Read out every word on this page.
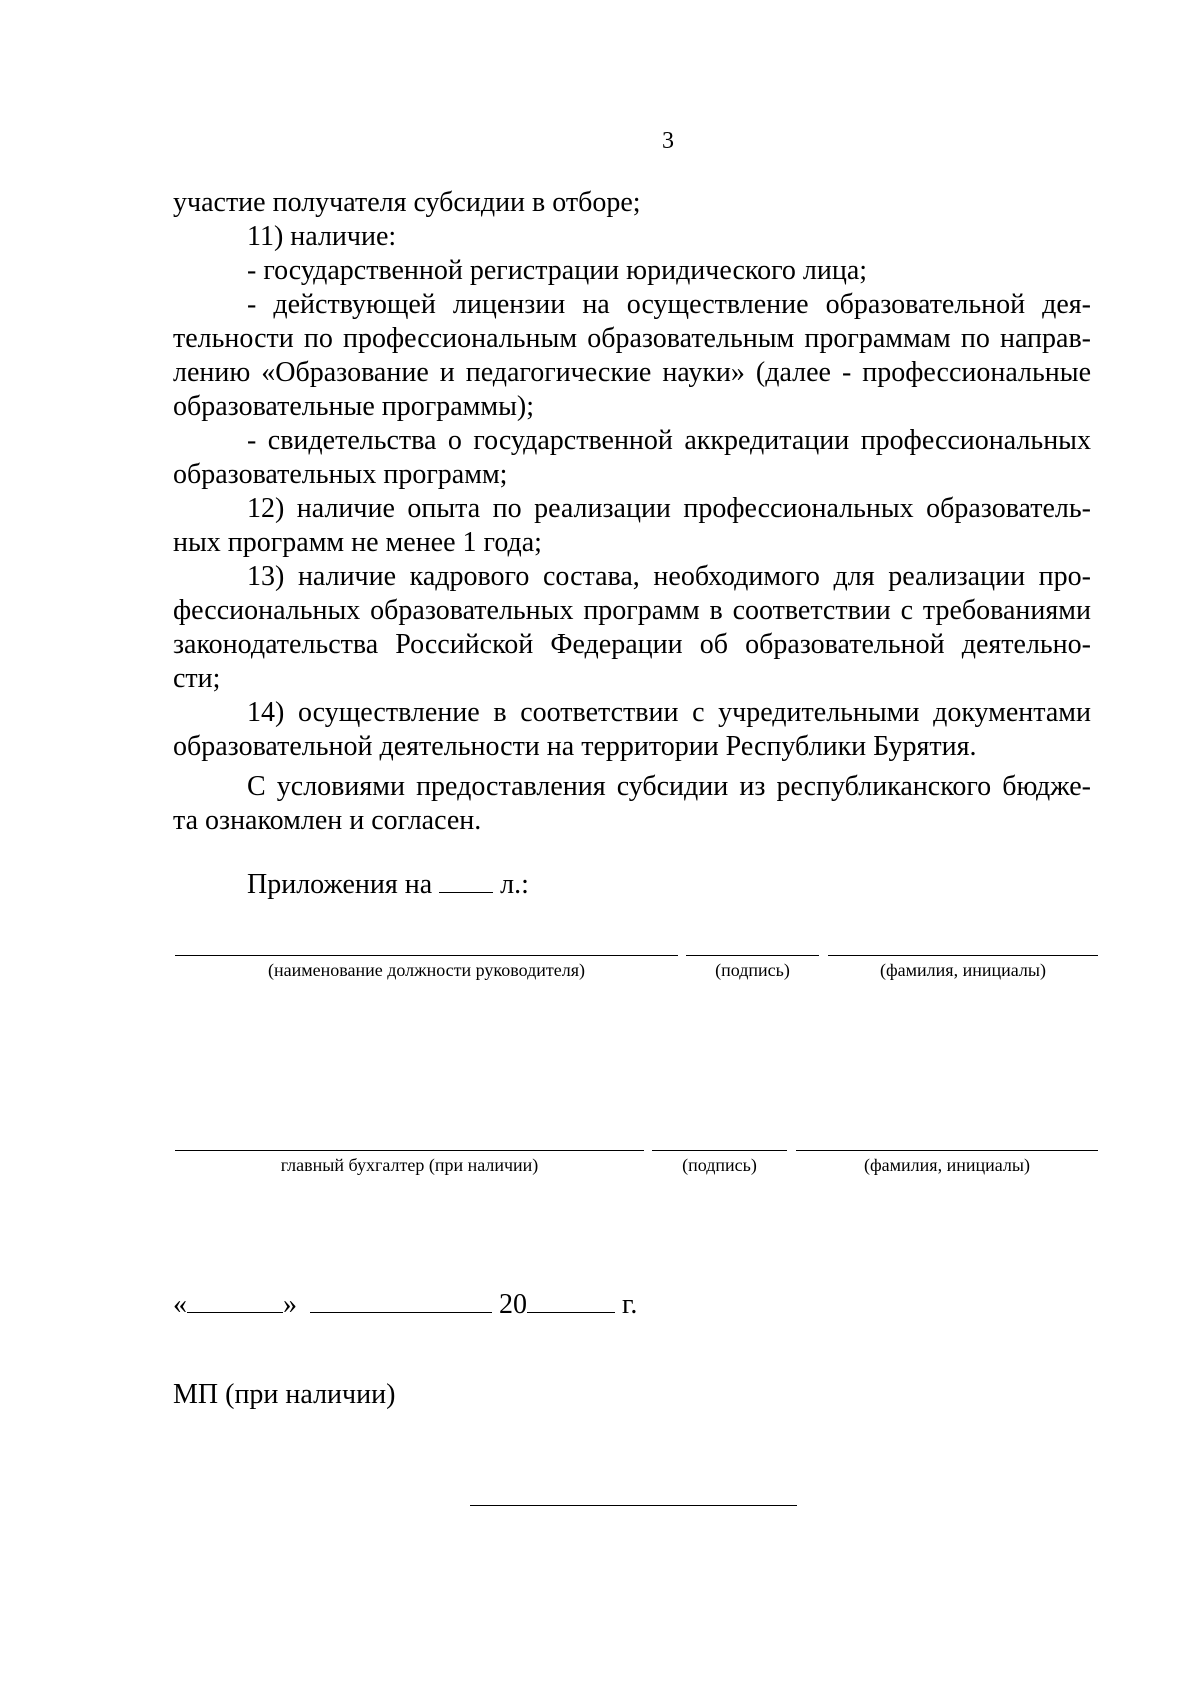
3
участие получателя субсидии в отборе;
11) наличие:
- государственной регистрации юридического лица;
- действующей лицензии на осуществление образовательной дея-
тельности по профессиональным образовательным программам по направ-
лению «Образование и педагогические науки» (далее - профессиональные
образовательные программы);
- свидетельства о государственной аккредитации профессиональных
образовательных программ;
12) наличие опыта по реализации профессиональных образователь-
ных программ не менее 1 года;
13) наличие кадрового состава, необходимого для реализации про-
фессиональных образовательных программ в соответствии с требованиями
законодательства Российской Федерации об образовательной деятельно-
сти;
14) осуществление в соответствии с учредительными документами
образовательной деятельности на территории Республики Бурятия.
С условиями предоставления субсидии из республиканского бюдже-
та ознакомлен и согласен.
Приложения на л.:
(наименование должности руководителя)	(подпись)	(фамилия, инициалы)
главный бухгалтер (при наличии)	(подпись)	(фамилия, инициалы)
«	»	20	г.
МП (при наличии)
